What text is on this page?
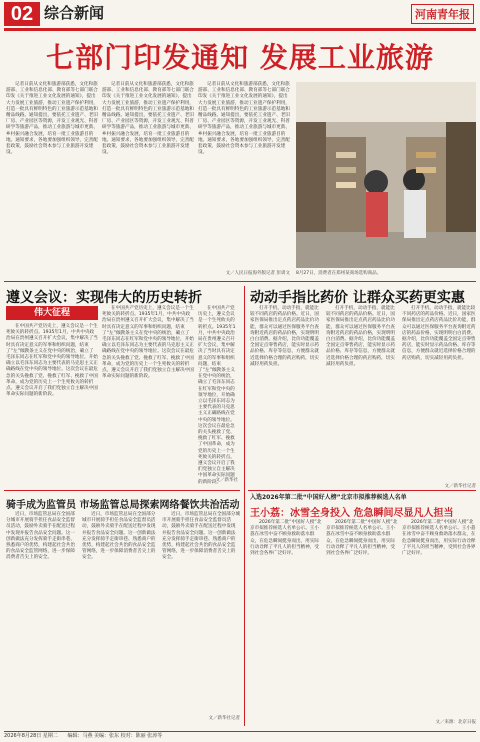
02 综合新闻	河南青年报
七部门印发通知 发展工业旅游

记者日前从文化和旅游部获悉，文化和旅游部、工业和信息化部、教育部等七部门联合印发《关于推进工业文化发展的通知》，提出大力发展工业旅游，推动工业遗产保护利用，打造一批具有鲜明特色的工业旅游示范基地和精品线路。通知提出，要依托工业遗产、老旧厂房、产业园区等资源，开发工业观光、科普研学等旅游产品，推动工业旅游与城市更新、乡村振兴融合发展，培育一批工业旅游目的地。通知要求，各地要加强组织领导，完善配套政策，鼓励社会资本参与工业旅游开发建设。

记者日前从文化和旅游部获悉，文化和旅游部、工业和信息化部、教育部等七部门联合印发《关于推进工业文化发展的通知》，提出大力发展工业旅游，推动工业遗产保护利用，打造一批具有鲜明特色的工业旅游示范基地和精品线路。通知提出，要依托工业遗产、老旧厂房、产业园区等资源，开发工业观光、科普研学等旅游产品，推动工业旅游与城市更新、乡村振兴融合发展，培育一批工业旅游目的地。通知要求，各地要加强组织领导，完善配套政策，鼓励社会资本参与工业旅游开发建设。

记者日前从文化和旅游部获悉，文化和旅游部、工业和信息化部、教育部等七部门联合印发《关于推进工业文化发展的通知》，提出大力发展工业旅游，推动工业遗产保护利用，打造一批具有鲜明特色的工业旅游示范基地和精品线路。通知提出，要依托工业遗产、老旧厂房、产业园区等资源，开发工业观光、科普研学等旅游产品，推动工业旅游与城市更新、乡村振兴融合发展，培育一批工业旅游目的地。通知要求，各地要加强组织领导，完善配套政策，鼓励社会资本参与工业旅游开发建设。

文／人民日报海外版记者 彭训文 8月27日，消费者在郑州某商场选购商品。
遵义会议：实现伟大的历史转折
伟大征程

在中国共产党历史上，遵义会议是一个生死攸关的转折点。1935年1月，中共中央政治局在贵州遵义召开扩大会议，集中解决了当时具有决定意义的军事和组织问题，结束了“左”倾教条主义在党中央的统治，确立了毛泽东同志在红军和党中央的领导地位，开始确立以毛泽东同志为主要代表的马克思主义正确路线在党中央的领导地位。这次会议在最危急的关头挽救了党、挽救了红军、挽救了中国革命，成为党的历史上一个生死攸关的转折点。遵义会议开启了我们党独立自主解决中国革命实际问题的新阶段。

在中国共产党历史上，遵义会议是一个生死攸关的转折点。1935年1月，中共中央政治局在贵州遵义召开扩大会议，集中解决了当时具有决定意义的军事和组织问题，结束了“左”倾教条主义在党中央的统治，确立了毛泽东同志在红军和党中央的领导地位，开始确立以毛泽东同志为主要代表的马克思主义正确路线在党中央的领导地位。这次会议在最危急的关头挽救了党、挽救了红军、挽救了中国革命，成为党的历史上一个生死攸关的转折点。遵义会议开启了我们党独立自主解决中国革命实际问题的新阶段。

在中国共产党历史上，遵义会议是一个生死攸关的转折点。1935年1月，中共中央政治局在贵州遵义召开扩大会议，集中解决了当时具有决定意义的军事和组织问题，结束了“左”倾教条主义在党中央的统治，确立了毛泽东同志在红军和党中央的领导地位，开始确立以毛泽东同志为主要代表的马克思主义正确路线在党中央的领导地位。这次会议在最危急的关头挽救了党、挽救了红军、挽救了中国革命，成为党的历史上一个生死攸关的转折点。遵义会议开启了我们党独立自主解决中国革命实际问题的新阶段。

文／新华社
动动手指比药价 让群众买药更实惠

打开手机，动动手指，就能比较不同药店的药品价格。近日，国家医保局推出定点药店药品比价功能，群众可以通过医保服务平台查询附近药店的药品价格，实现明明白白消费。据介绍，比价功能覆盖全国定点零售药店，能实时显示药品价格、库存等信息，方便群众就近选择价格合理的药店购药，切实减轻用药负担。

打开手机，动动手指，就能比较不同药店的药品价格。近日，国家医保局推出定点药店药品比价功能，群众可以通过医保服务平台查询附近药店的药品价格，实现明明白白消费。据介绍，比价功能覆盖全国定点零售药店，能实时显示药品价格、库存等信息，方便群众就近选择价格合理的药店购药，切实减轻用药负担。

打开手机，动动手指，就能比较不同药店的药品价格。近日，国家医保局推出定点药店药品比价功能，群众可以通过医保服务平台查询附近药店的药品价格，实现明明白白消费。据介绍，比价功能覆盖全国定点零售药店，能实时显示药品价格、库存等信息，方便群众就近选择价格合理的药店购药，切实减轻用药负担。

文／新华社记者
骑手成为监管员 市场监管总局探索网络餐饮共治活动

近日，市场监管总局在全国部分城市开展骑手担任食品安全监督员活动，鼓励外卖骑手在配送过程中发现并报告食品安全问题。这一创新做法充分发挥骑手走街串巷、熟悉商户的优势，构建起社会共治的食品安全监管网络，进一步保障消费者舌尖上的安全。

近日，市场监管总局在全国部分城市开展骑手担任食品安全监督员活动，鼓励外卖骑手在配送过程中发现并报告食品安全问题。这一创新做法充分发挥骑手走街串巷、熟悉商户的优势，构建起社会共治的食品安全监管网络，进一步保障消费者舌尖上的安全。

近日，市场监管总局在全国部分城市开展骑手担任食品安全监督员活动，鼓励外卖骑手在配送过程中发现并报告食品安全问题。这一创新做法充分发挥骑手走街串巷、熟悉商户的优势，构建起社会共治的食品安全监管网络，进一步保障消费者舌尖上的安全。

文／新华社记者
入选2026年第二批“中国好人榜”北京市拟推荐候选人名单
王小荔：冰雪全身投入 危急瞬间尽显凡人担当

2026年第二批“中国好人榜”北京市拟推荐候选人名单公示。王小荔在冰雪中奋不顾身救助落水群众，在危急瞬间挺身而出，用实际行动诠释了平凡人的担当精神，受到社会各界广泛好评。

2026年第二批“中国好人榜”北京市拟推荐候选人名单公示。王小荔在冰雪中奋不顾身救助落水群众，在危急瞬间挺身而出，用实际行动诠释了平凡人的担当精神，受到社会各界广泛好评。

2026年第二批“中国好人榜”北京市拟推荐候选人名单公示。王小荔在冰雪中奋不顾身救助落水群众，在危急瞬间挺身而出，用实际行动诠释了平凡人的担当精神，受到社会各界广泛好评。

文／来源：北京日报
2026年8月28日 星期二 编辑：马燕 美编：张东 校对：陈丽 张涛等
